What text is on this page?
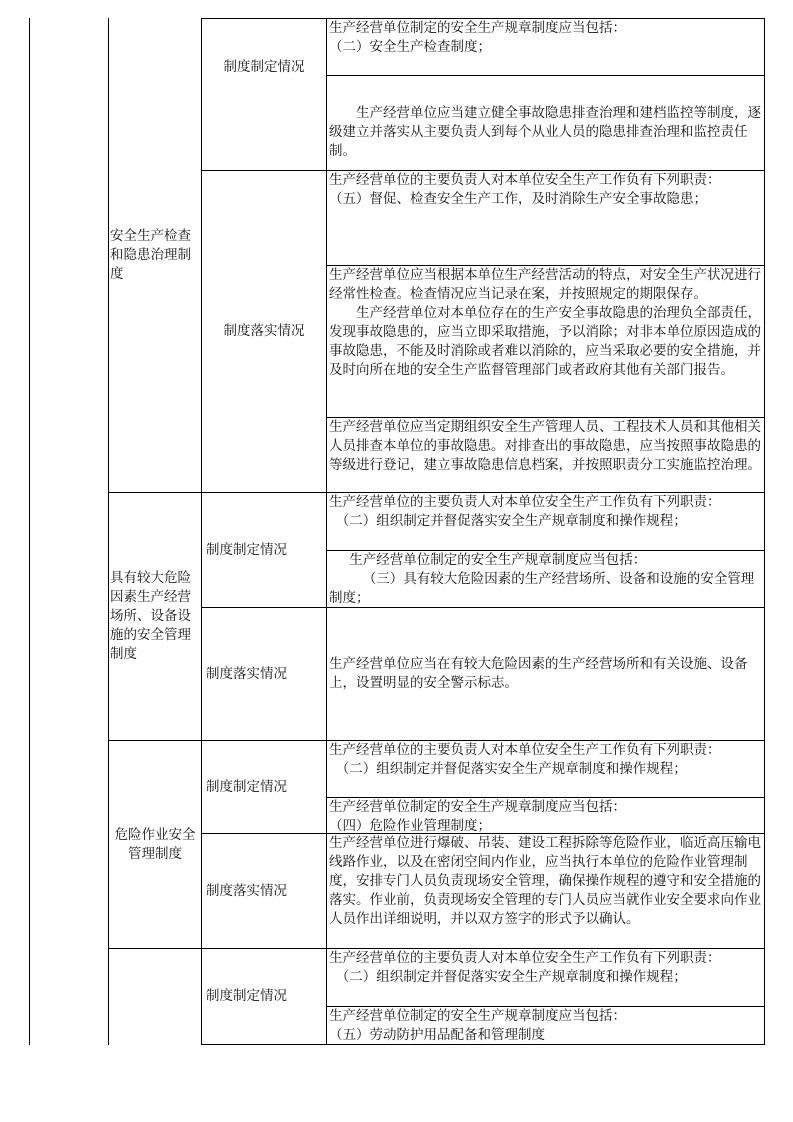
安全生产检查和隐患治理制度
具有较大危险因素生产经营场所、设备设施的安全管理制度
危险作业安全管理制度
制度制定情况
制度落实情况
制度制定情况
制度落实情况
制度制定情况
制度落实情况
制度制定情况

生产经营单位制定的安全生产规章制度应当包括：

（二）安全生产检查制度；

生产经营单位应当建立健全事故隐患排查治理和建档监控等制度，逐级建立并落实从主要负责人到每个从业人员的隐患排查治理和监控责任制。

生产经营单位的主要负责人对本单位安全生产工作负有下列职责：

（五）督促、检查安全生产工作，及时消除生产安全事故隐患；

生产经营单位应当根据本单位生产经营活动的特点，对安全生产状况进行经常性检查。检查情况应当记录在案，并按照规定的期限保存。

生产经营单位对本单位存在的生产安全事故隐患的治理负全部责任，发现事故隐患的，应当立即采取措施，予以消除；对非本单位原因造成的事故隐患，不能及时消除或者难以消除的，应当采取必要的安全措施，并及时向所在地的安全生产监督管理部门或者政府其他有关部门报告。

生产经营单位应当定期组织安全生产管理人员、工程技术人员和其他相关人员排查本单位的事故隐患。对排查出的事故隐患，应当按照事故隐患的等级进行登记，建立事故隐患信息档案，并按照职责分工实施监控治理。

生产经营单位的主要负责人对本单位安全生产工作负有下列职责：

（二）组织制定并督促落实安全生产规章制度和操作规程；

生产经营单位制定的安全生产规章制度应当包括：

（三）具有较大危险因素的生产经营场所、设备和设施的安全管理制度；

生产经营单位应当在有较大危险因素的生产经营场所和有关设施、设备上，设置明显的安全警示标志。

生产经营单位的主要负责人对本单位安全生产工作负有下列职责：

（二）组织制定并督促落实安全生产规章制度和操作规程；

生产经营单位制定的安全生产规章制度应当包括：

（四）危险作业管理制度；

生产经营单位进行爆破、吊装、建设工程拆除等危险作业，临近高压输电线路作业，以及在密闭空间内作业，应当执行本单位的危险作业管理制度，安排专门人员负责现场安全管理，确保操作规程的遵守和安全措施的落实。作业前，负责现场安全管理的专门人员应当就作业安全要求向作业人员作出详细说明，并以双方签字的形式予以确认。

生产经营单位的主要负责人对本单位安全生产工作负有下列职责：

（二）组织制定并督促落实安全生产规章制度和操作规程；

生产经营单位制定的安全生产规章制度应当包括：

（五）劳动防护用品配备和管理制度
